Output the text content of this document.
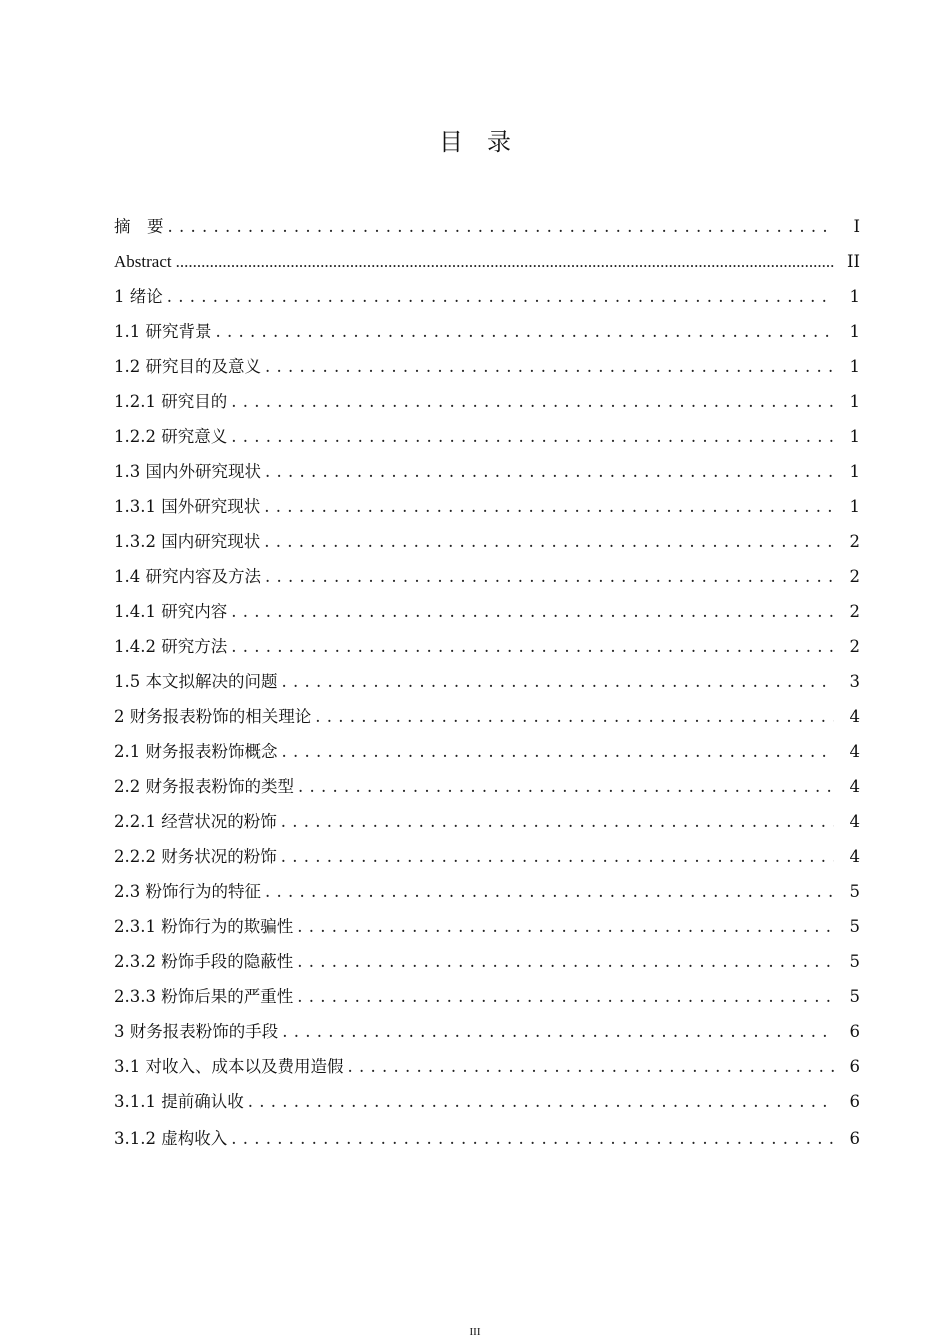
目　录
摘　要 . . .	I
Abstract .....	II
1 绪论 . . .	1
1.1 研究背景 . . .	1
1.2 研究目的及意义 . . .	1
1.2.1 研究目的 . . .	1
1.2.2 研究意义 . . .	1
1.3 国内外研究现状 . . .	1
1.3.1 国外研究现状 . . .	1
1.3.2 国内研究现状 . . .	2
1.4 研究内容及方法 . . .	2
1.4.1 研究内容 . . .	2
1.4.2 研究方法 . . .	2
1.5 本文拟解决的问题 . . .	3
2 财务报表粉饰的相关理论 . . .	4
2.1 财务报表粉饰概念 . . .	4
2.2 财务报表粉饰的类型 . . .	4
2.2.1 经营状况的粉饰 . . .	4
2.2.2 财务状况的粉饰 . . .	4
2.3 粉饰行为的特征 . . .	5
2.3.1 粉饰行为的欺骗性 . . .	5
2.3.2 粉饰手段的隐蔽性 . . .	5
2.3.3 粉饰后果的严重性 . . .	5
3 财务报表粉饰的手段 . . .	6
3.1 对收入、成本以及费用造假 . . .	6
3.1.1 提前确认收 . . .	6
3.1.2 虚构收入 . . .	6
III
